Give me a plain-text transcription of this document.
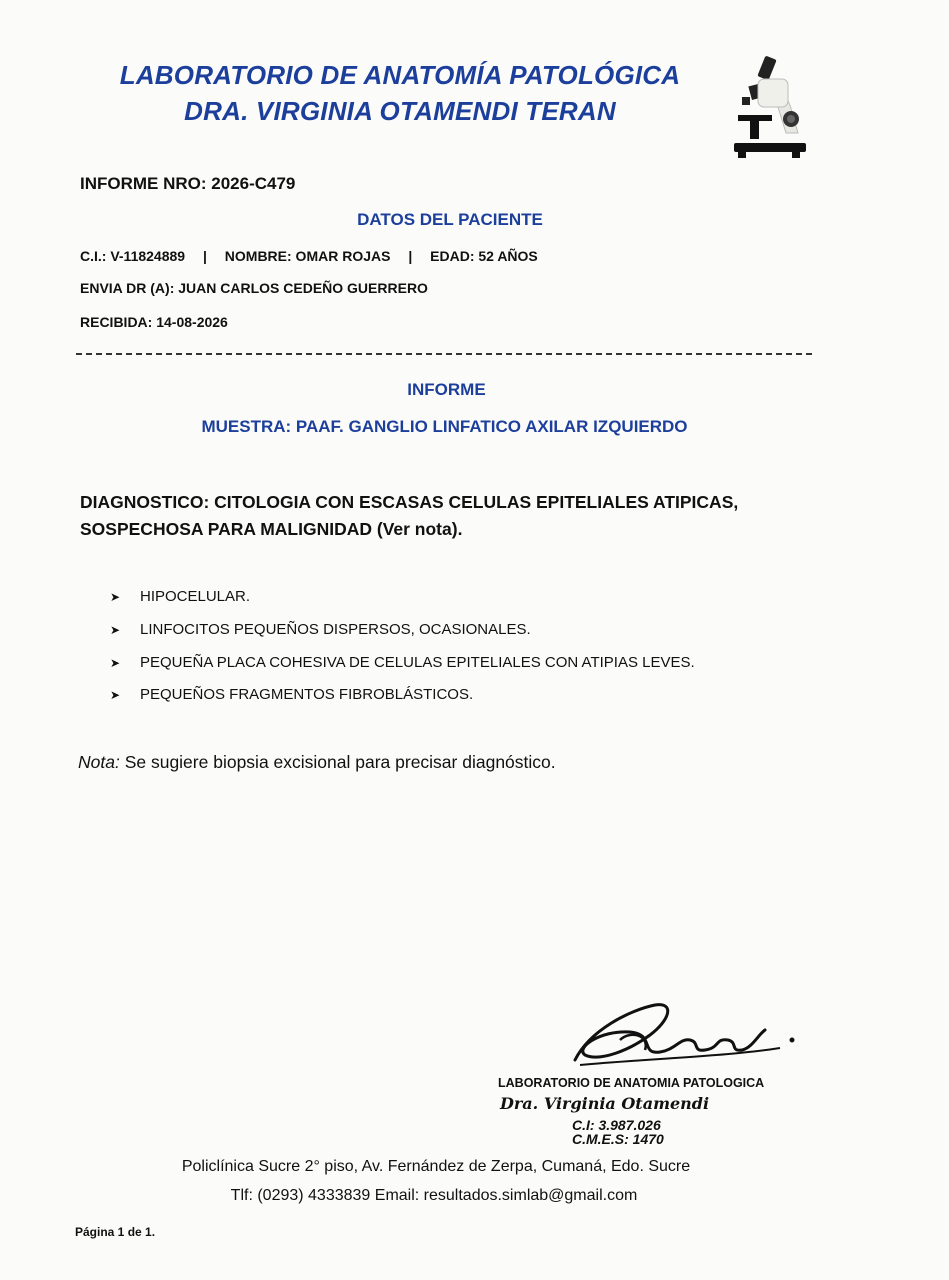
LABORATORIO DE ANATOMÍA PATOLÓGICA
DRA. VIRGINIA OTAMENDI TERAN
INFORME NRO: 2026-C479
DATOS DEL PACIENTE
C.I.: V-11824889 | NOMBRE: OMAR ROJAS | EDAD: 52 AÑOS
ENVIA DR (A): JUAN CARLOS CEDEÑO GUERRERO
RECIBIDA: 14-08-2026
INFORME
MUESTRA: PAAF. GANGLIO LINFATICO AXILAR IZQUIERDO
DIAGNOSTICO: CITOLOGIA CON ESCASAS CELULAS EPITELIALES ATIPICAS,
SOSPECHOSA PARA MALIGNIDAD (Ver nota).
➤	HIPOCELULAR.
➤	LINFOCITOS PEQUEÑOS DISPERSOS, OCASIONALES.
➤	PEQUEÑA PLACA COHESIVA DE CELULAS EPITELIALES CON ATIPIAS LEVES.
➤	PEQUEÑOS FRAGMENTOS FIBROBLÁSTICOS.
Nota: Se sugiere biopsia excisional para precisar diagnóstico.
LABORATORIO DE ANATOMIA PATOLOGICA
Dra. Virginia Otamendi
C.I: 3.987.026
C.M.E.S: 1470
Policlínica Sucre 2° piso, Av. Fernández de Zerpa, Cumaná, Edo. Sucre
Tlf: (0293) 4333839 Email: resultados.simlab@gmail.com
Página 1 de 1.
